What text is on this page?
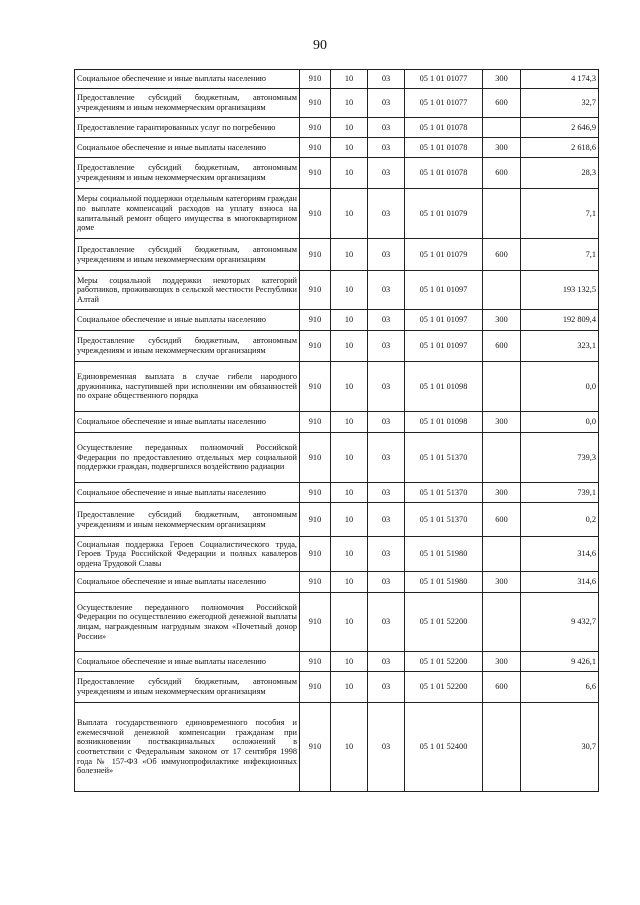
90
Социальное обеспечение и иные выплаты населению	910	10	03	05 1 01 01077	300	4 174,3
Предоставление субсидий бюджетным, автономным учреждениям и иным некоммерческим организациям	910	10	03	05 1 01 01077	600	32,7
Предоставление гарантированных услуг по погребению	910	10	03	05 1 01 01078		2 646,9
Социальное обеспечение и иные выплаты населению	910	10	03	05 1 01 01078	300	2 618,6
Предоставление субсидий бюджетным, автономным учреждениям и иным некоммерческим организациям	910	10	03	05 1 01 01078	600	28,3
Меры социальной поддержки отдельным категориям граждан по выплате компенсаций расходов на уплату взноса на капитальный ремонт общего имущества в многоквартирном доме	910	10	03	05 1 01 01079		7,1
Предоставление субсидий бюджетным, автономным учреждениям и иным некоммерческим организациям	910	10	03	05 1 01 01079	600	7,1
Меры социальной поддержки некоторых категорий работников, проживающих в сельской местности Республики Алтай	910	10	03	05 1 01 01097		193 132,5
Социальное обеспечение и иные выплаты населению	910	10	03	05 1 01 01097	300	192 809,4
Предоставление субсидий бюджетным, автономным учреждениям и иным некоммерческим организациям	910	10	03	05 1 01 01097	600	323,1
Единовременная выплата в случае гибели народного дружинника, наступившей при исполнении им обязанностей по охране общественного порядка	910	10	03	05 1 01 01098		0,0
Социальное обеспечение и иные выплаты населению	910	10	03	05 1 01 01098	300	0,0
Осуществление переданных полномочий Российской Федерации по предоставлению отдельных мер социальной поддержки граждан, подвергшихся воздействию радиации	910	10	03	05 1 01 51370		739,3
Социальное обеспечение и иные выплаты населению	910	10	03	05 1 01 51370	300	739,1
Предоставление субсидий бюджетным, автономным учреждениям и иным некоммерческим организациям	910	10	03	05 1 01 51370	600	0,2
Социальная поддержка Героев Социалистического труда, Героев Труда Российской Федерации и полных кавалеров ордена Трудовой Славы	910	10	03	05 1 01 51980		314,6
Социальное обеспечение и иные выплаты населению	910	10	03	05 1 01 51980	300	314,6
Осуществление переданного полномочия Российской Федерации по осуществлению ежегодной денежной выплаты лицам, награжденным нагрудным знаком «Почетный донор России»	910	10	03	05 1 01 52200		9 432,7
Социальное обеспечение и иные выплаты населению	910	10	03	05 1 01 52200	300	9 426,1
Предоставление субсидий бюджетным, автономным учреждениям и иным некоммерческим организациям	910	10	03	05 1 01 52200	600	6,6
Выплата государственного единовременного пособия и ежемесячной денежной компенсации гражданам при возникновении поствакцинальных осложнений в соответствии с Федеральным законом от 17 сентября 1998 года № 157-ФЗ «Об иммунопрофилактике инфекционных болезней»	910	10	03	05 1 01 52400		30,7
